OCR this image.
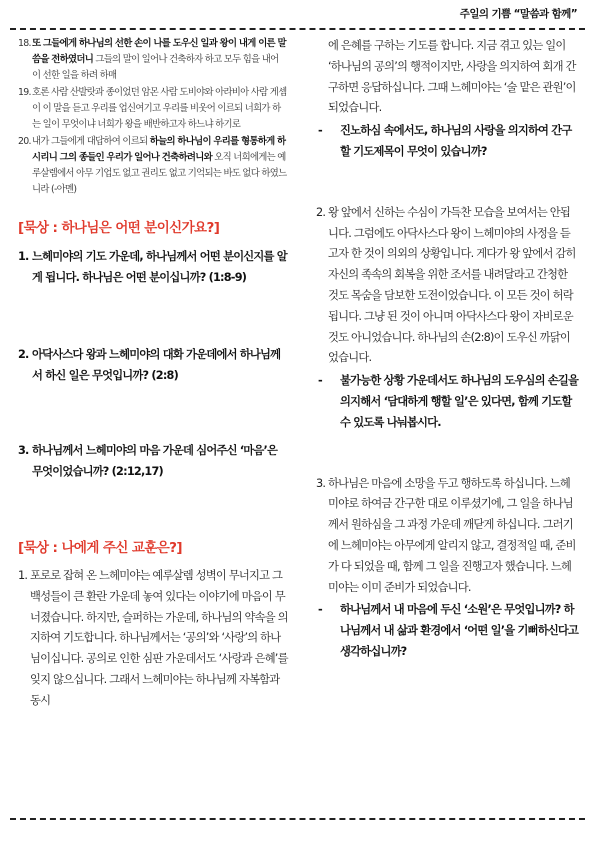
주일의 기쁨 “말씀과 함께”
18. 또 그들에게 하나님의 선한 손이 나를 도우신 일과 왕이 내게 이른 말씀을 전하였더니 그들의 말이 일어나 건축하자 하고 모두 힘을 내어 이 선한 일을 하려 하매
19. 호론 사람 산발랏과 종이었던 암몬 사람 도비야와 아라비아 사람 게셈이 이 말을 듣고 우리를 업신여기고 우리를 비웃어 이르되 너희가 하는 일이 무엇이냐 너희가 왕을 배반하고자 하느냐 하기로
20. 내가 그들에게 대답하여 이르되 하늘의 하나님이 우리를 형통하게 하시리니 그의 종들인 우리가 일어나 건축하려니와 오직 너희에게는 예루살렘에서 아무 기업도 없고 권리도 없고 기억되는 바도 없다 하였느니라 (-아멘)
[묵상 : 하나님은 어떤 분이신가요?]
1. 느헤미야의 기도 가운데, 하나님께서 어떤 분이신지를 알게 됩니다. 하나님은 어떤 분이십니까? (1:8-9)
2. 아닥사스다 왕과 느헤미야의 대화 가운데에서 하나님께서 하신 일은 무엇입니까? (2:8)
3. 하나님께서 느헤미야의 마음 가운데 심어주신 ‘마음’은 무엇이었습니까? (2:12,17)
[묵상 : 나에게 주신 교훈은?]
1. 포로로 잡혀 온 느헤미야는 예루살렘 성벽이 무너지고 그 백성들이 큰 환란 가운데 놓여 있다는 이야기에 마음이 무너졌습니다. 하지만, 슬퍼하는 가운데, 하나님의 약속을 의지하여 기도합니다. 하나님께서는 ‘공의’와 ‘사랑’의 하나님이십니다. 공의로 인한 심판 가운데서도 ‘사랑과 은혜’를 잊지 않으십니다. 그래서 느헤미야는 하나님께 자복함과 동시
에 은혜를 구하는 기도를 합니다. 지금 겪고 있는 일이 ‘하나님의 공의’의 행적이지만, 사랑을 의지하여 회개 간구하면 응답하십니다. 그때 느헤미야는 ‘술 맡은 관원’이 되었습니다.
- 진노하심 속에서도, 하나님의 사랑을 의지하여 간구할 기도제목이 무엇이 있습니까?
2. 왕 앞에서 신하는 수심이 가득찬 모습을 보여서는 안됩니다. 그럼에도 아닥사스다 왕이 느헤미야의 사정을 듣고자 한 것이 의외의 상황입니다. 게다가 왕 앞에서 감히 자신의 족속의 회복을 위한 조서를 내려달라고 간청한 것도 목숨을 담보한 도전이었습니다. 이 모든 것이 허락됩니다. 그냥 된 것이 아니며 아닥사스다 왕이 자비로운 것도 아니었습니다. 하나님의 손(2:8)이 도우신 까닭이었습니다.
- 불가능한 상황 가운데서도 하나님의 도우심의 손길을 의지해서 ‘담대하게 행할 일’은 있다면, 함께 기도할 수 있도록 나눠봅시다.
3. 하나님은 마음에 소망을 두고 행하도록 하십니다. 느헤미야로 하여금 간구한 대로 이루셨기에, 그 일을 하나님께서 원하심을 그 과정 가운데 깨닫게 하십니다. 그러기에 느헤미야는 아무에게 알리지 않고, 결정적일 때, 준비가 다 되었을 때, 함께 그 일을 진행고자 했습니다. 느헤미야는 이미 준비가 되었습니다.
- 하나님께서 내 마음에 두신 ‘소원’은 무엇입니까? 하나님께서 내 삶과 환경에서 ‘어떤 일’을 기뻐하신다고 생각하십니까?
